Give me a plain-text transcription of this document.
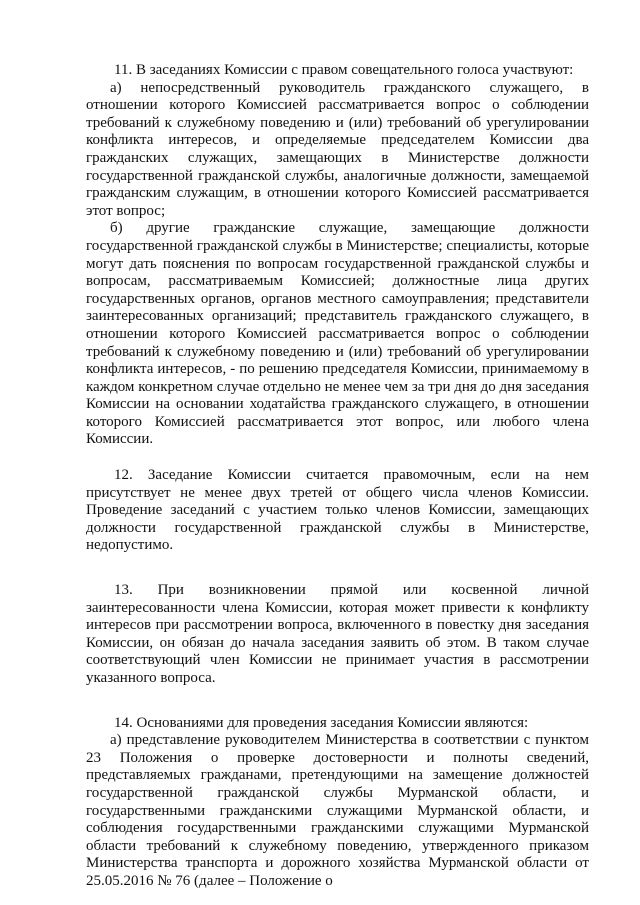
11. В заседаниях Комиссии с правом совещательного голоса участвуют:

а) непосредственный руководитель гражданского служащего, в отношении которого Комиссией рассматривается вопрос о соблюдении требований к служебному поведению и (или) требований об урегулировании конфликта интересов, и определяемые председателем Комиссии два гражданских служащих, замещающих в Министерстве должности государственной гражданской службы, аналогичные должности, замещаемой гражданским служащим, в отношении которого Комиссией рассматривается этот вопрос;

б) другие гражданские служащие, замещающие должности государственной гражданской службы в Министерстве; специалисты, которые могут дать пояснения по вопросам государственной гражданской службы и вопросам, рассматриваемым Комиссией; должностные лица других государственных органов, органов местного самоуправления; представители заинтересованных организаций; представитель гражданского служащего, в отношении которого Комиссией рассматривается вопрос о соблюдении требований к служебному поведению и (или) требований об урегулировании конфликта интересов, - по решению председателя Комиссии, принимаемому в каждом конкретном случае отдельно не менее чем за три дня до дня заседания Комиссии на основании ходатайства гражданского служащего, в отношении которого Комиссией рассматривается этот вопрос, или любого члена Комиссии.

12. Заседание Комиссии считается правомочным, если на нем присутствует не менее двух третей от общего числа членов Комиссии. Проведение заседаний с участием только членов Комиссии, замещающих должности государственной гражданской службы в Министерстве, недопустимо.

13. При возникновении прямой или косвенной личной заинтересованности члена Комиссии, которая может привести к конфликту интересов при рассмотрении вопроса, включенного в повестку дня заседания Комиссии, он обязан до начала заседания заявить об этом. В таком случае соответствующий член Комиссии не принимает участия в рассмотрении указанного вопроса.

14. Основаниями для проведения заседания Комиссии являются:

а) представление руководителем Министерства в соответствии с пунктом 23 Положения о проверке достоверности и полноты сведений, представляемых гражданами, претендующими на замещение должностей государственной гражданской службы Мурманской области, и государственными гражданскими служащими Мурманской области, и соблюдения государственными гражданскими служащими Мурманской области требований к служебному поведению, утвержденного приказом Министерства транспорта и дорожного хозяйства Мурманской области от 25.05.2016 № 76 (далее – Положение о
